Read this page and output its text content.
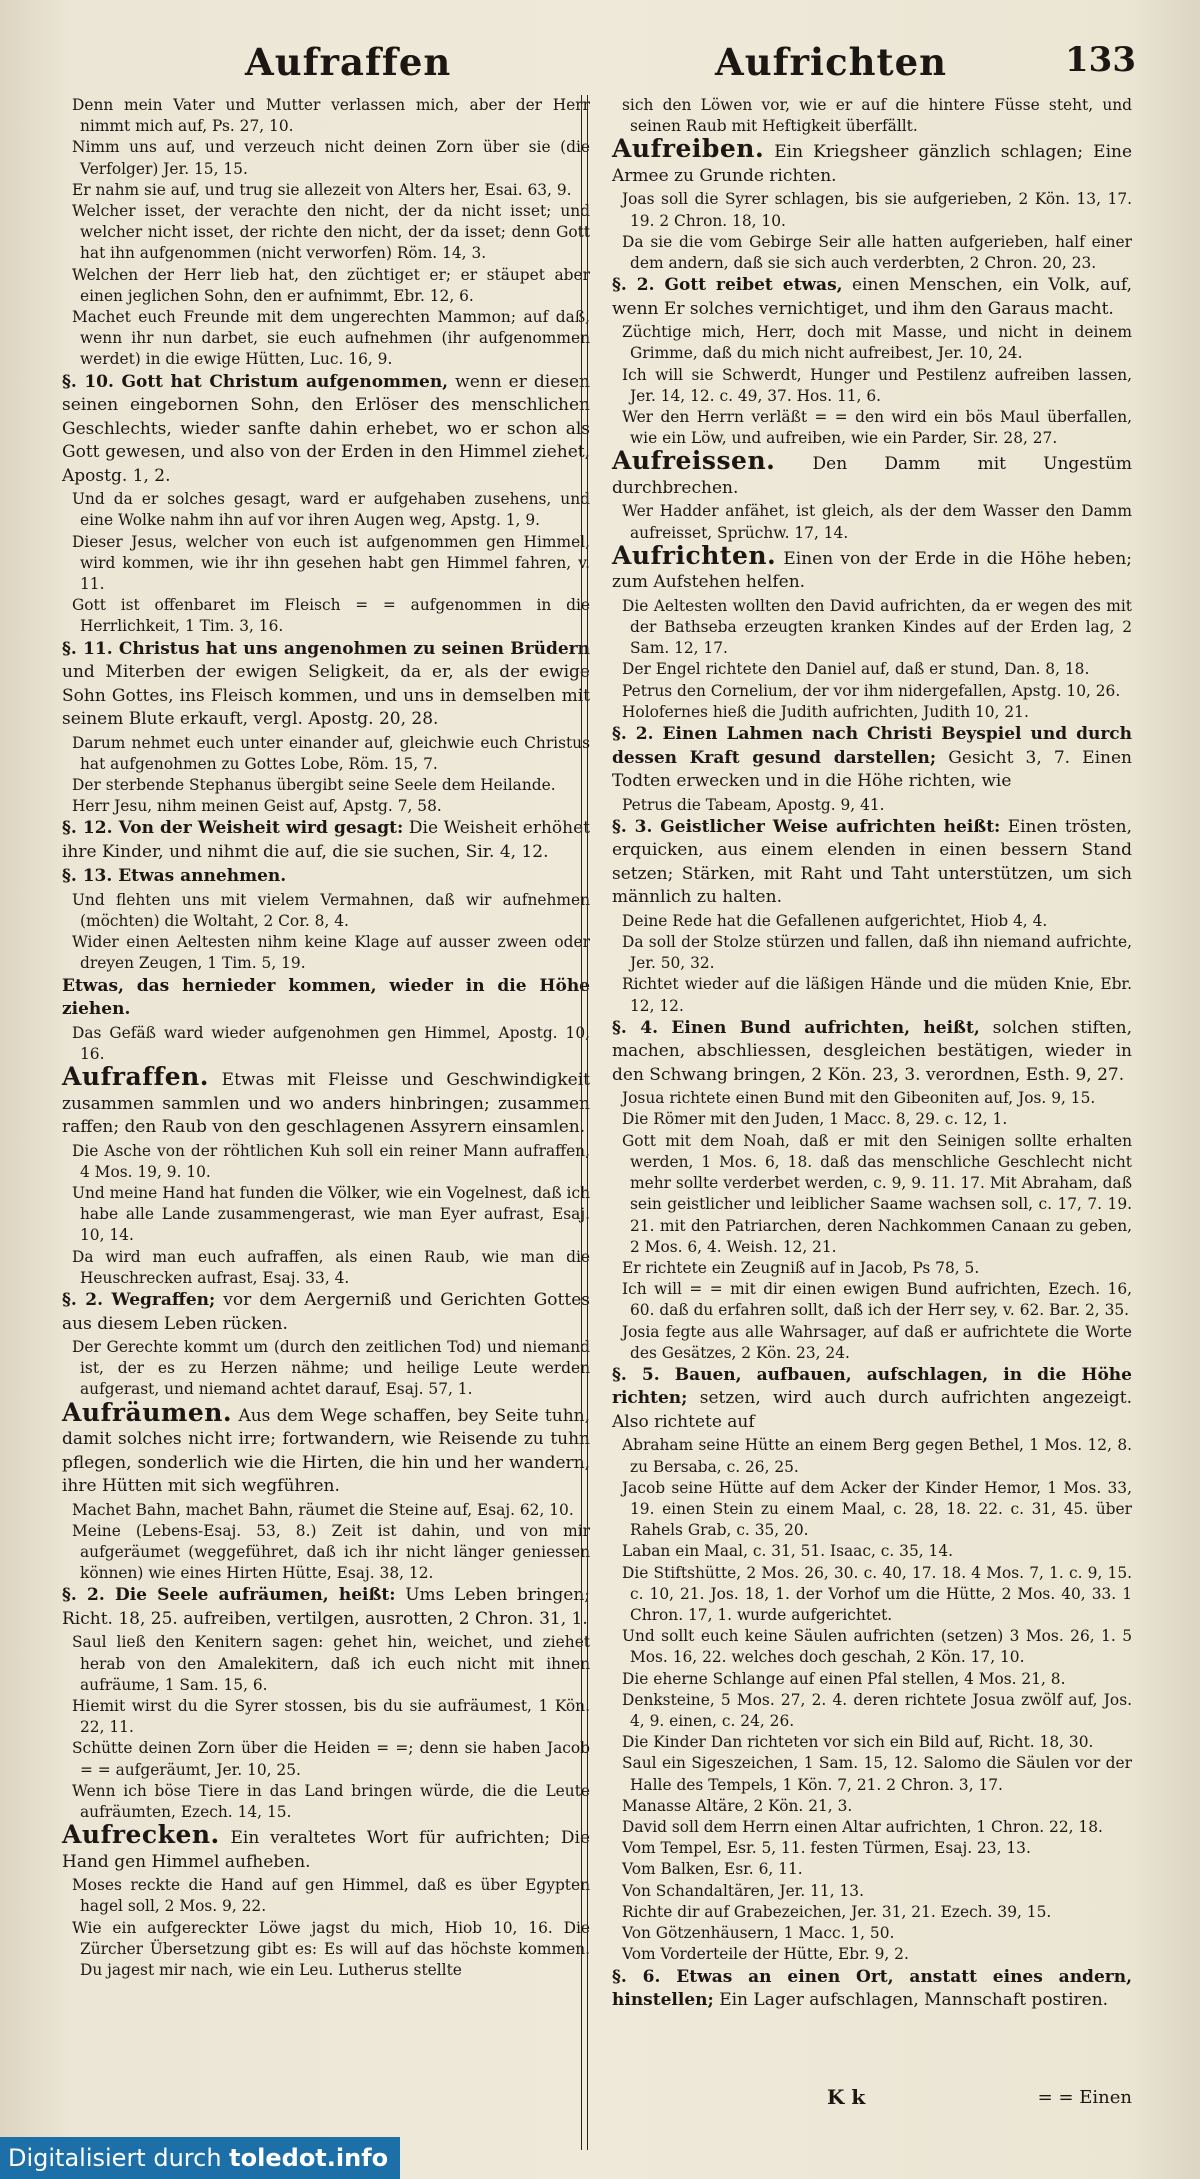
Aufraffen	Aufrichten	133
Denn mein Vater und Mutter verlassen mich, aber der Herr nimmt mich auf, Ps. 27, 10.
Nimm uns auf, und verzeuch nicht deinen Zorn über sie (die Verfolger) Jer. 15, 15.
Er nahm sie auf, und trug sie allezeit von Alters her, Esai. 63, 9.
Welcher isset, der verachte den nicht, der da nicht isset; und welcher nicht isset, der richte den nicht, der da isset; denn Gott hat ihn aufgenommen (nicht verworfen) Röm. 14, 3.
Welchen der Herr lieb hat, den züchtiget er; er stäupet aber einen jeglichen Sohn, den er aufnimmt, Ebr. 12, 6.
Machet euch Freunde mit dem ungerechten Mammon; auf daß, wenn ihr nun darbet, sie euch aufnehmen (ihr aufgenommen werdet) in die ewige Hütten, Luc. 16, 9.
§. 10. Gott hat Christum aufgenommen, wenn er diesen seinen eingebornen Sohn, den Erlöser des menschlichen Geschlechts, wieder sanfte dahin erhebet, wo er schon als Gott gewesen, und also von der Erden in den Himmel ziehet, Apostg. 1, 2.
Und da er solches gesagt, ward er aufgehaben zusehens, und eine Wolke nahm ihn auf vor ihren Augen weg, Apstg. 1, 9.
Dieser Jesus, welcher von euch ist aufgenommen gen Himmel, wird kommen, wie ihr ihn gesehen habt gen Himmel fahren, v. 11.
Gott ist offenbaret im Fleisch = = aufgenommen in die Herrlichkeit, 1 Tim. 3, 16.
§. 11. Christus hat uns angenohmen zu seinen Brüdern und Miterben der ewigen Seligkeit, da er, als der ewige Sohn Gottes, ins Fleisch kommen, und uns in demselben mit seinem Blute erkauft, vergl. Apostg. 20, 28.
Darum nehmet euch unter einander auf, gleichwie euch Christus hat aufgenohmen zu Gottes Lobe, Röm. 15, 7.
Der sterbende Stephanus übergibt seine Seele dem Heilande.
Herr Jesu, nihm meinen Geist auf, Apstg. 7, 58.
§. 12. Von der Weisheit wird gesagt: Die Weisheit erhöhet ihre Kinder, und nihmt die auf, die sie suchen, Sir. 4, 12.
§. 13. Etwas annehmen.
Und flehten uns mit vielem Vermahnen, daß wir aufnehmen (möchten) die Woltaht, 2 Cor. 8, 4.
Wider einen Aeltesten nihm keine Klage auf ausser zween oder dreyen Zeugen, 1 Tim. 5, 19.
Etwas, das hernieder kommen, wieder in die Höhe ziehen.
Das Gefäß ward wieder aufgenohmen gen Himmel, Apostg. 10, 16.
Aufraffen. Etwas mit Fleisse und Geschwindigkeit zusammen sammlen und wo anders hinbringen; zusammen raffen; den Raub von den geschlagenen Assyrern einsamlen.
Die Asche von der röhtlichen Kuh soll ein reiner Mann aufraffen, 4 Mos. 19, 9. 10.
Und meine Hand hat funden die Völker, wie ein Vogelnest, daß ich habe alle Lande zusammengerast, wie man Eyer aufrast, Esaj. 10, 14.
Da wird man euch aufraffen, als einen Raub, wie man die Heuschrecken aufrast, Esaj. 33, 4.
§. 2. Wegraffen; vor dem Aergerniß und Gerichten Gottes aus diesem Leben rücken.
Der Gerechte kommt um (durch den zeitlichen Tod) und niemand ist, der es zu Herzen nähme; und heilige Leute werden aufgerast, und niemand achtet darauf, Esaj. 57, 1.
Aufräumen. Aus dem Wege schaffen, bey Seite tuhn, damit solches nicht irre; fortwandern, wie Reisende zu tuhn pflegen, sonderlich wie die Hirten, die hin und her wandern, ihre Hütten mit sich wegführen.
Machet Bahn, machet Bahn, räumet die Steine auf, Esaj. 62, 10.
Meine (Lebens-Esaj. 53, 8.) Zeit ist dahin, und von mir aufgeräumet (weggeführet, daß ich ihr nicht länger geniessen können) wie eines Hirten Hütte, Esaj. 38, 12.
§. 2. Die Seele aufräumen, heißt: Ums Leben bringen; Richt. 18, 25. aufreiben, vertilgen, ausrotten, 2 Chron. 31, 1.
Saul ließ den Kenitern sagen: gehet hin, weichet, und ziehet herab von den Amalekitern, daß ich euch nicht mit ihnen aufräume, 1 Sam. 15, 6.
Hiemit wirst du die Syrer stossen, bis du sie aufräumest, 1 Kön. 22, 11.
Schütte deinen Zorn über die Heiden = =; denn sie haben Jacob = = aufgeräumt, Jer. 10, 25.
Wenn ich böse Tiere in das Land bringen würde, die die Leute aufräumten, Ezech. 14, 15.
Aufrecken. Ein veraltetes Wort für aufrichten; Die Hand gen Himmel aufheben.
Moses reckte die Hand auf gen Himmel, daß es über Egypten hagel soll, 2 Mos. 9, 22.
Wie ein aufgereckter Löwe jagst du mich, Hiob 10, 16. Die Zürcher Übersetzung gibt es: Es will auf das höchste kommen. Du jagest mir nach, wie ein Leu. Lutherus stellte
sich den Löwen vor, wie er auf die hintere Füsse steht, und seinen Raub mit Heftigkeit überfällt.
Aufreiben. Ein Kriegsheer gänzlich schlagen; Eine Armee zu Grunde richten.
Joas soll die Syrer schlagen, bis sie aufgerieben, 2 Kön. 13, 17. 19. 2 Chron. 18, 10.
Da sie die vom Gebirge Seir alle hatten aufgerieben, half einer dem andern, daß sie sich auch verderbten, 2 Chron. 20, 23.
§. 2. Gott reibet etwas, einen Menschen, ein Volk, auf, wenn Er solches vernichtiget, und ihm den Garaus macht.
Züchtige mich, Herr, doch mit Masse, und nicht in deinem Grimme, daß du mich nicht aufreibest, Jer. 10, 24.
Ich will sie Schwerdt, Hunger und Pestilenz aufreiben lassen, Jer. 14, 12. c. 49, 37. Hos. 11, 6.
Wer den Herrn verläßt = = den wird ein bös Maul überfallen, wie ein Löw, und aufreiben, wie ein Parder, Sir. 28, 27.
Aufreissen. Den Damm mit Ungestüm durchbrechen.
Wer Hadder anfähet, ist gleich, als der dem Wasser den Damm aufreisset, Sprüchw. 17, 14.
Aufrichten. Einen von der Erde in die Höhe heben; zum Aufstehen helfen.
Die Aeltesten wollten den David aufrichten, da er wegen des mit der Bathseba erzeugten kranken Kindes auf der Erden lag, 2 Sam. 12, 17.
Der Engel richtete den Daniel auf, daß er stund, Dan. 8, 18.
Petrus den Cornelium, der vor ihm nidergefallen, Apstg. 10, 26.
Holofernes hieß die Judith aufrichten, Judith 10, 21.
§. 2. Einen Lahmen nach Christi Beyspiel und durch dessen Kraft gesund darstellen; Gesicht 3, 7. Einen Todten erwecken und in die Höhe richten, wie
Petrus die Tabeam, Apostg. 9, 41.
§. 3. Geistlicher Weise aufrichten heißt: Einen trösten, erquicken, aus einem elenden in einen bessern Stand setzen; Stärken, mit Raht und Taht unterstützen, um sich männlich zu halten.
Deine Rede hat die Gefallenen aufgerichtet, Hiob 4, 4.
Da soll der Stolze stürzen und fallen, daß ihn niemand aufrichte, Jer. 50, 32.
Richtet wieder auf die läßigen Hände und die müden Knie, Ebr. 12, 12.
§. 4. Einen Bund aufrichten, heißt, solchen stiften, machen, abschliessen, desgleichen bestätigen, wieder in den Schwang bringen, 2 Kön. 23, 3. verordnen, Esth. 9, 27.
Josua richtete einen Bund mit den Gibeoniten auf, Jos. 9, 15.
Die Römer mit den Juden, 1 Macc. 8, 29. c. 12, 1.
Gott mit dem Noah, daß er mit den Seinigen sollte erhalten werden, 1 Mos. 6, 18. daß das menschliche Geschlecht nicht mehr sollte verderbet werden, c. 9, 9. 11. 17. Mit Abraham, daß sein geistlicher und leiblicher Saame wachsen soll, c. 17, 7. 19. 21. mit den Patriarchen, deren Nachkommen Canaan zu geben, 2 Mos. 6, 4. Weish. 12, 21.
Er richtete ein Zeugniß auf in Jacob, Ps 78, 5.
Ich will = = mit dir einen ewigen Bund aufrichten, Ezech. 16, 60. daß du erfahren sollt, daß ich der Herr sey, v. 62. Bar. 2, 35.
Josia fegte aus alle Wahrsager, auf daß er aufrichtete die Worte des Gesätzes, 2 Kön. 23, 24.
§. 5. Bauen, aufbauen, aufschlagen, in die Höhe richten; setzen, wird auch durch aufrichten angezeigt. Also richtete auf
Abraham seine Hütte an einem Berg gegen Bethel, 1 Mos. 12, 8. zu Bersaba, c. 26, 25.
Jacob seine Hütte auf dem Acker der Kinder Hemor, 1 Mos. 33, 19. einen Stein zu einem Maal, c. 28, 18. 22. c. 31, 45. über Rahels Grab, c. 35, 20.
Laban ein Maal, c. 31, 51. Isaac, c. 35, 14.
Die Stiftshütte, 2 Mos. 26, 30. c. 40, 17. 18. 4 Mos. 7, 1. c. 9, 15. c. 10, 21. Jos. 18, 1. der Vorhof um die Hütte, 2 Mos. 40, 33. 1 Chron. 17, 1. wurde aufgerichtet.
Und sollt euch keine Säulen aufrichten (setzen) 3 Mos. 26, 1. 5 Mos. 16, 22. welches doch geschah, 2 Kön. 17, 10.
Die eherne Schlange auf einen Pfal stellen, 4 Mos. 21, 8.
Denksteine, 5 Mos. 27, 2. 4. deren richtete Josua zwölf auf, Jos. 4, 9. einen, c. 24, 26.
Die Kinder Dan richteten vor sich ein Bild auf, Richt. 18, 30.
Saul ein Sigeszeichen, 1 Sam. 15, 12. Salomo die Säulen vor der Halle des Tempels, 1 Kön. 7, 21. 2 Chron. 3, 17.
Manasse Altäre, 2 Kön. 21, 3.
David soll dem Herrn einen Altar aufrichten, 1 Chron. 22, 18.
Vom Tempel, Esr. 5, 11. festen Türmen, Esaj. 23, 13.
Vom Balken, Esr. 6, 11.
Von Schandaltären, Jer. 11, 13.
Richte dir auf Grabezeichen, Jer. 31, 21. Ezech. 39, 15.
Von Götzenhäusern, 1 Macc. 1, 50.
Vom Vorderteile der Hütte, Ebr. 9, 2.
§. 6. Etwas an einen Ort, anstatt eines andern, hinstellen; Ein Lager aufschlagen, Mannschaft postiren.
K k	= = Einen
Digitalisiert durch toledot.info
